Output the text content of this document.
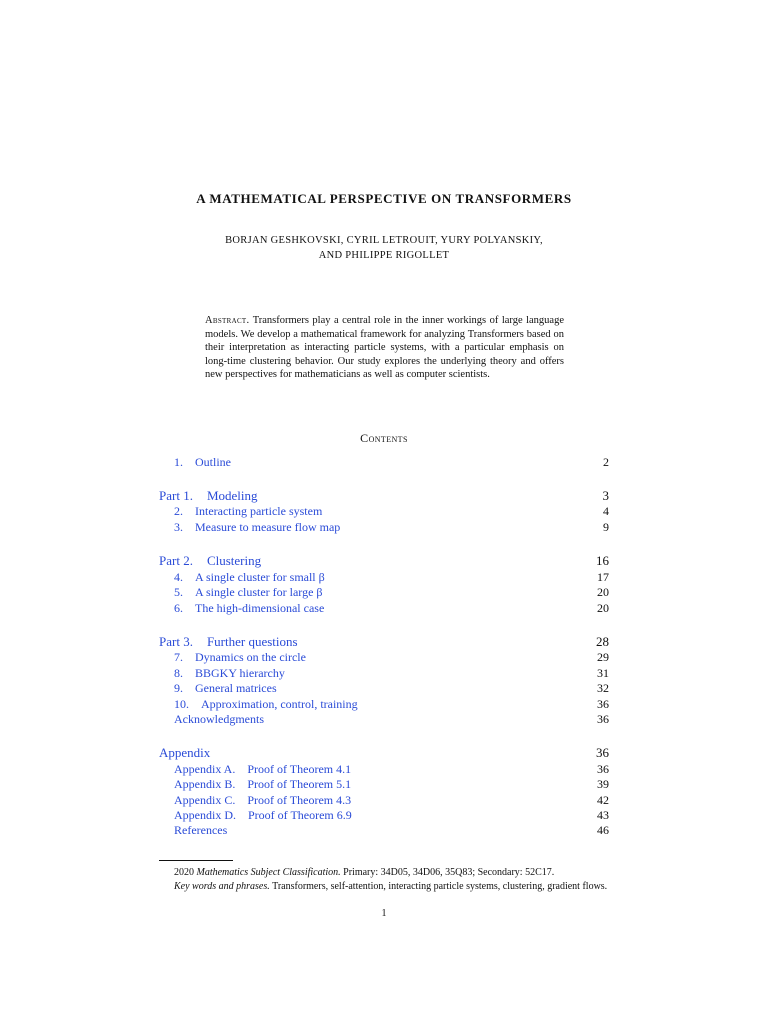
A MATHEMATICAL PERSPECTIVE ON TRANSFORMERS
BORJAN GESHKOVSKI, CYRIL LETROUIT, YURY POLYANSKIY,
AND PHILIPPE RIGOLLET
Abstract. Transformers play a central role in the inner workings of large language models. We develop a mathematical framework for analyzing Transformers based on their interpretation as interacting particle systems, with a particular emphasis on long-time clustering behavior. Our study explores the underlying theory and offers new perspectives for mathematicians as well as computer scientists.
Contents
1. Outline	2
Part 1. Modeling	3
2. Interacting particle system	4
3. Measure to measure flow map	9
Part 2. Clustering	16
4. A single cluster for small β	17
5. A single cluster for large β	20
6. The high-dimensional case	20
Part 3. Further questions	28
7. Dynamics on the circle	29
8. BBGKY hierarchy	31
9. General matrices	32
10. Approximation, control, training	36
Acknowledgments	36
Appendix	36
Appendix A. Proof of Theorem 4.1	36
Appendix B. Proof of Theorem 5.1	39
Appendix C. Proof of Theorem 4.3	42
Appendix D. Proof of Theorem 6.9	43
References	46

2020 Mathematics Subject Classification. Primary: 34D05, 34D06, 35Q83; Secondary: 52C17.

Key words and phrases. Transformers, self-attention, interacting particle systems, clustering, gradient flows.

1
